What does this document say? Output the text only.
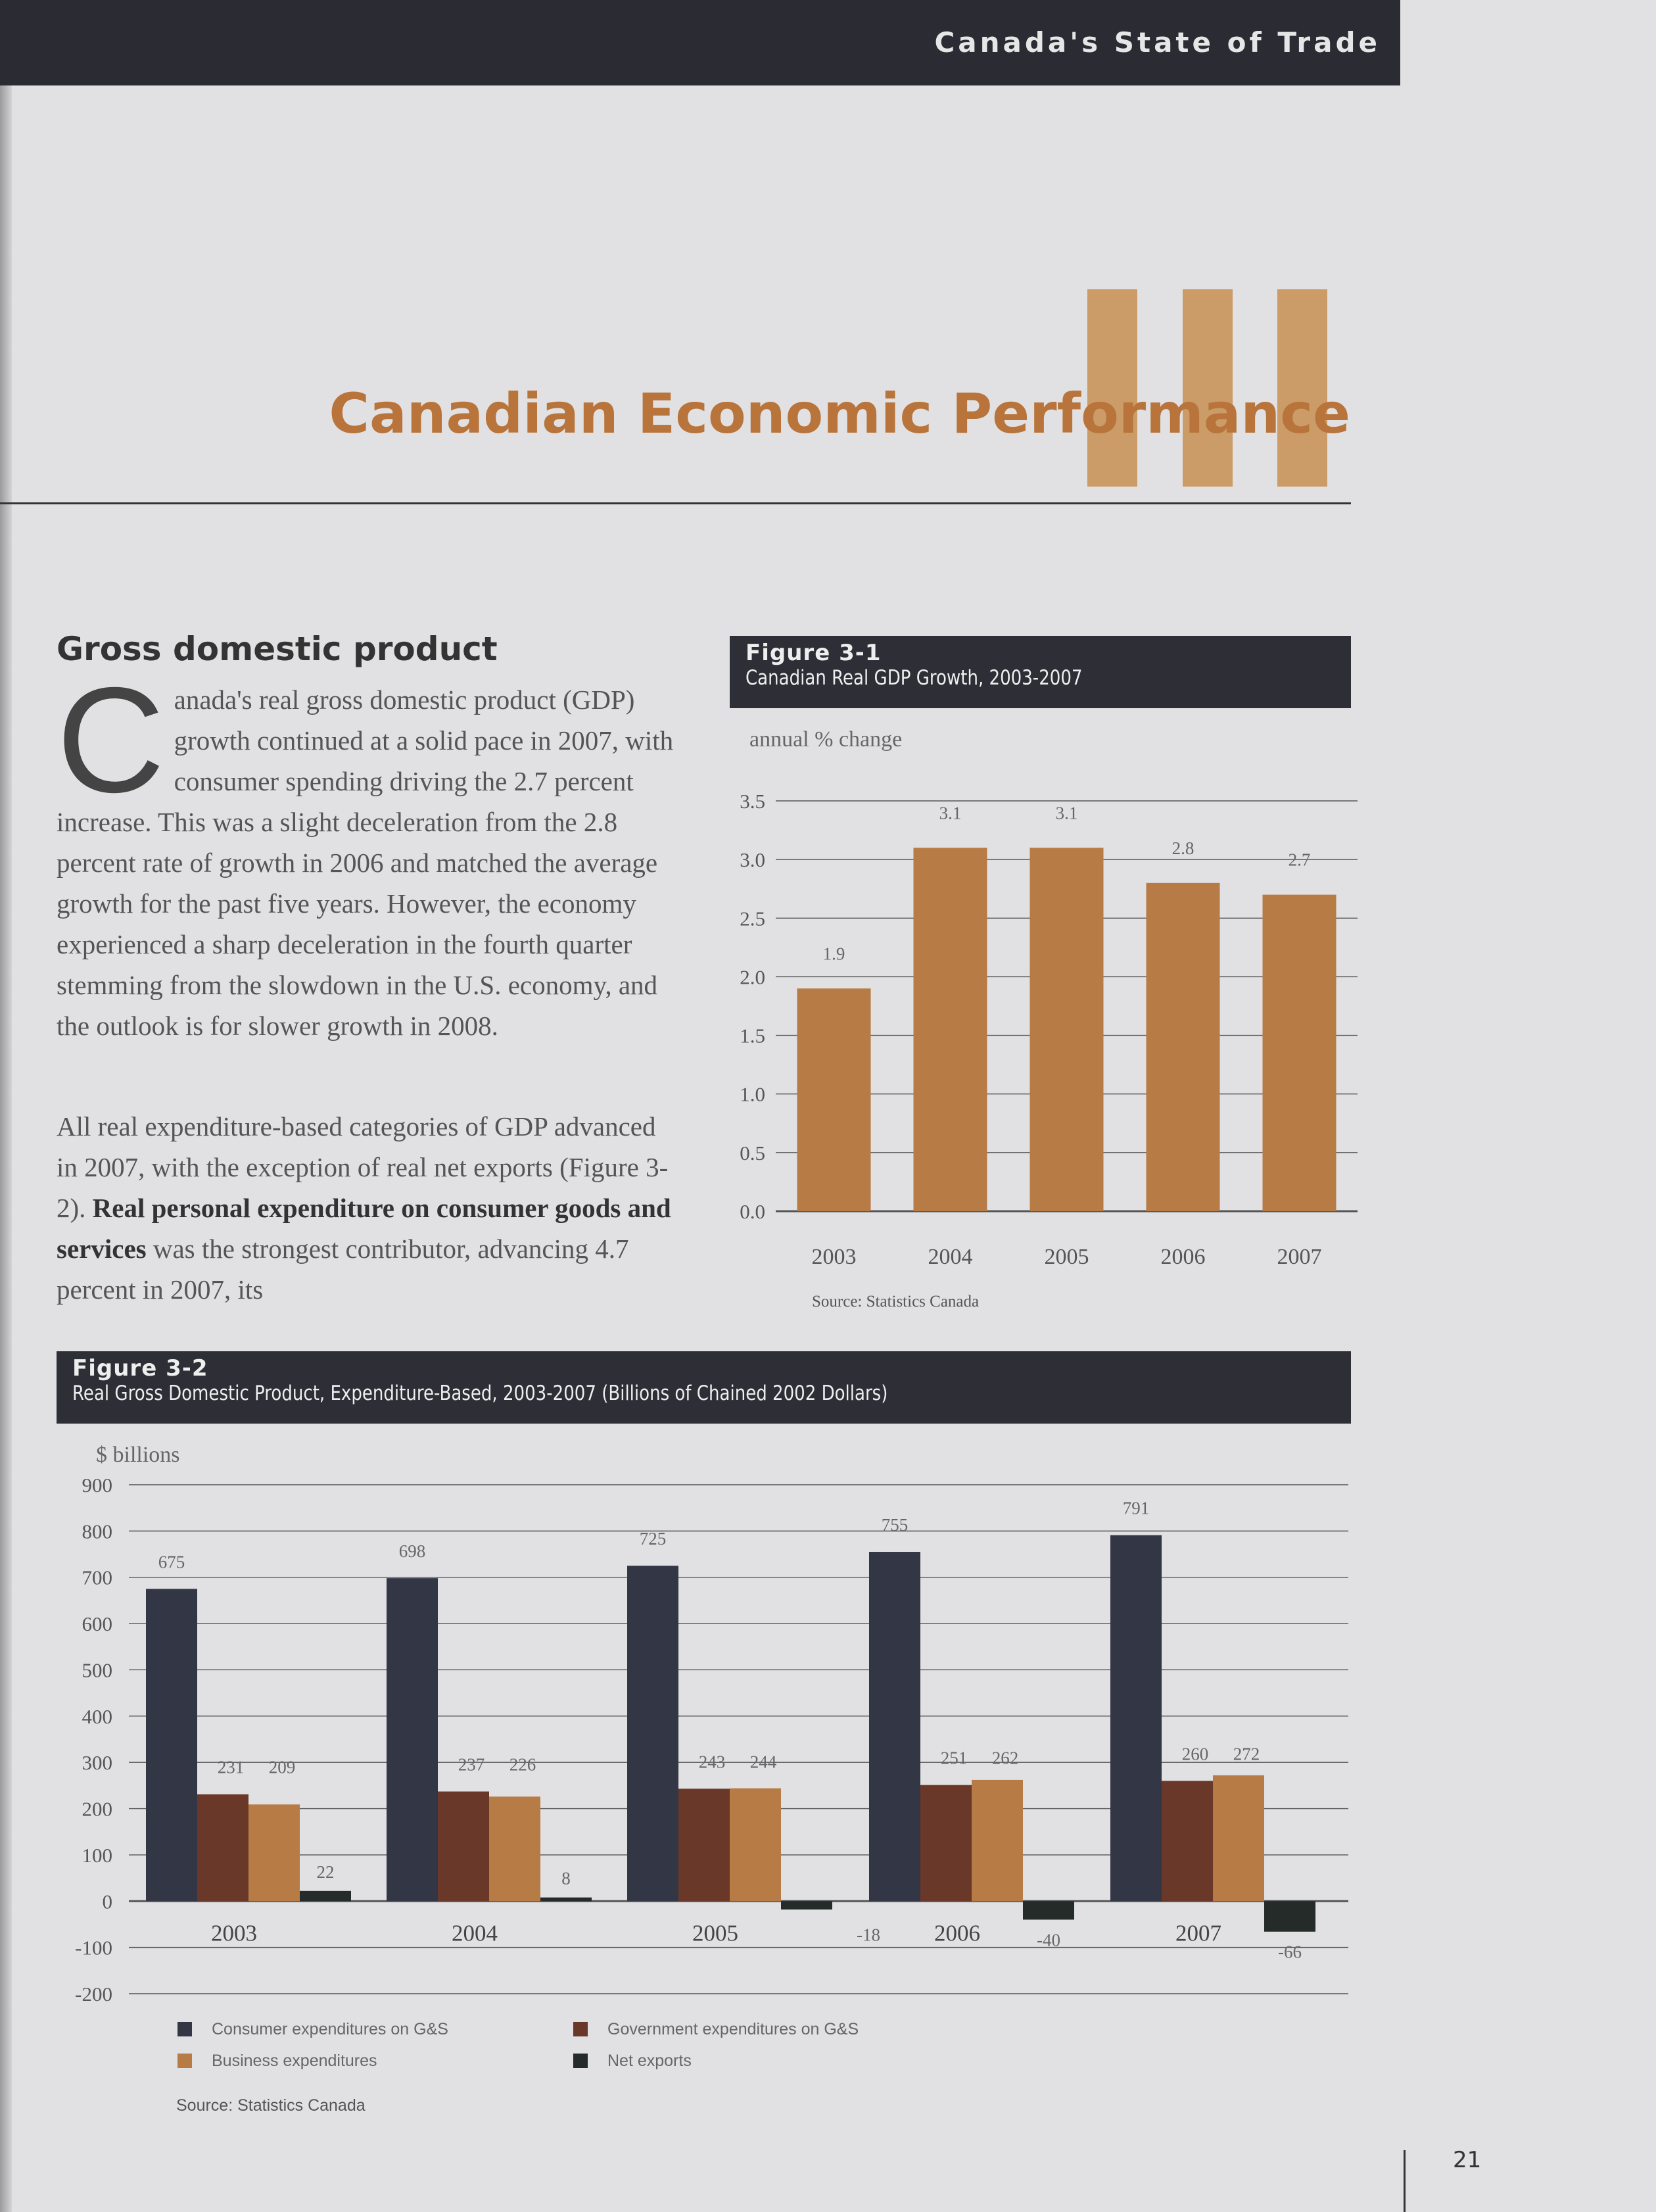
Canada's State of Trade
Canadian Economic Performance
Gross domestic product

Canada's real gross domestic product (GDP) growth continued at a solid pace in 2007, with consumer spending driving the 2.7 percent increase. This was a slight deceleration from the 2.8 percent rate of growth in 2006 and matched the average growth for the past five years. However, the economy experienced a sharp deceleration in the fourth quarter stemming from the slowdown in the U.S. economy, and the outlook is for slower growth in 2008.

All real expenditure-based categories of GDP advanced in 2007, with the exception of real net exports (Figure 3-2). Real personal expenditure on consumer goods and services was the strongest contributor, advancing 4.7 percent in 2007, its

Figure 3-1
Canadian Real GDP Growth, 2003-2007
annual % change
0.0
0.5
1.0
1.5
2.0
2.5
3.0
3.5
1.9
2003
3.1
2004
3.1
2005
2.8
2006
2.7
2007
Source: Statistics Canada
Figure 3-2
Real Gross Domestic Product, Expenditure-Based, 2003-2007 (Billions of Chained 2002 Dollars)
$ billions
-200
-100
0
100
200
300
400
500
600
700
800
900
675
231 209
22
2003
698
237 226
8
2004
725
243 244
-18
2005
755
251 262
-40
2006
791
260 272
-66
2007
Consumer expenditures on G&S
Business expenditures
Government expenditures on G&S
Net exports
Source: Statistics Canada
21
